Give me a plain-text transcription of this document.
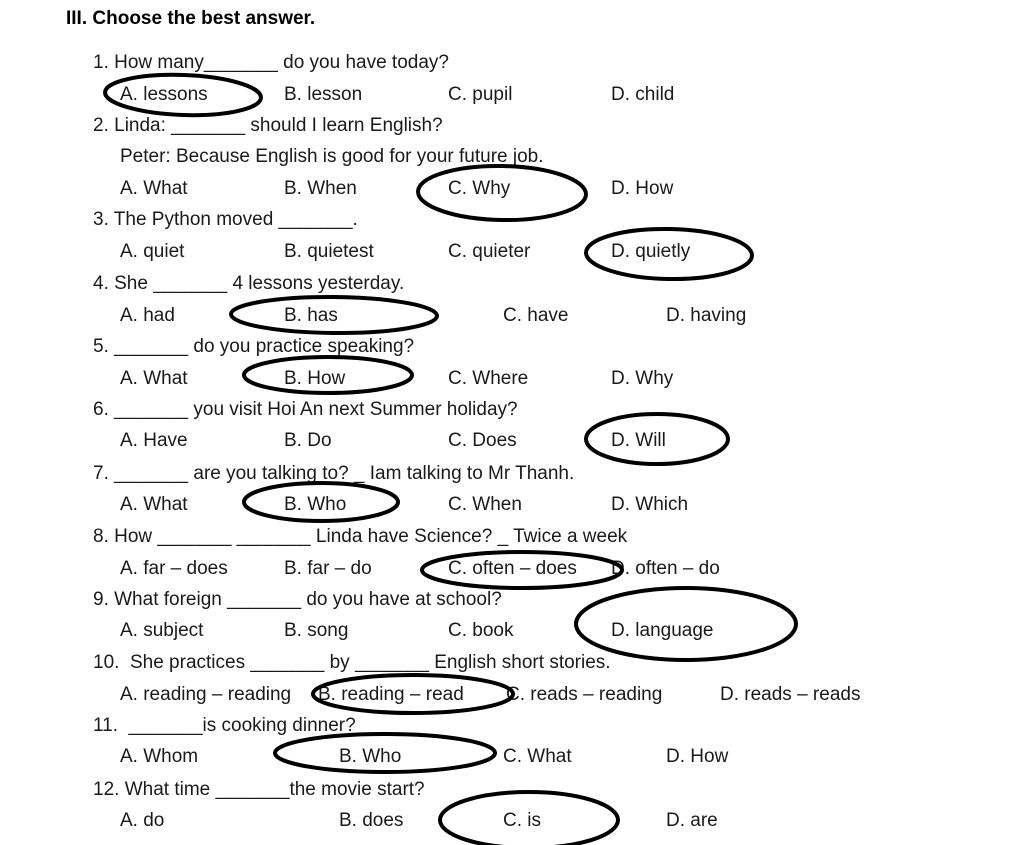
III. Choose the best answer.
1. How many_______ do you have today?
A. lessons	B. lesson	C. pupil	D. child
2. Linda: _______ should I learn English?
Peter: Because English is good for your future job.
A. What	B. When	C. Why	D. How
3. The Python moved _______.
A. quiet	B. quietest	C. quieter	D. quietly
4. She _______ 4 lessons yesterday.
A. had	B. has	C. have	D. having
5. _______ do you practice speaking?
A. What	B. How	C. Where	D. Why
6. _______ you visit Hoi An next Summer holiday?
A. Have	B. Do	C. Does	D. Will
7. _______ are you talking to? _ Iam talking to Mr Thanh.
A. What	B. Who	C. When	D. Which
8. How _______ _______ Linda have Science? _ Twice a week
A. far – does	B. far – do	C. often – does D. often – do
9. What foreign _______ do you have at school?
A. subject	B. song	C. book	D. language
10.  She practices _______ by _______ English short stories.
A. reading – reading B. reading – read C. reads – reading	D. reads – reads
11.  _______is cooking dinner?
A. Whom	B. Who	C. What	D. How
12. What time _______the movie start?
A. do	B. does	C. is	D. are
